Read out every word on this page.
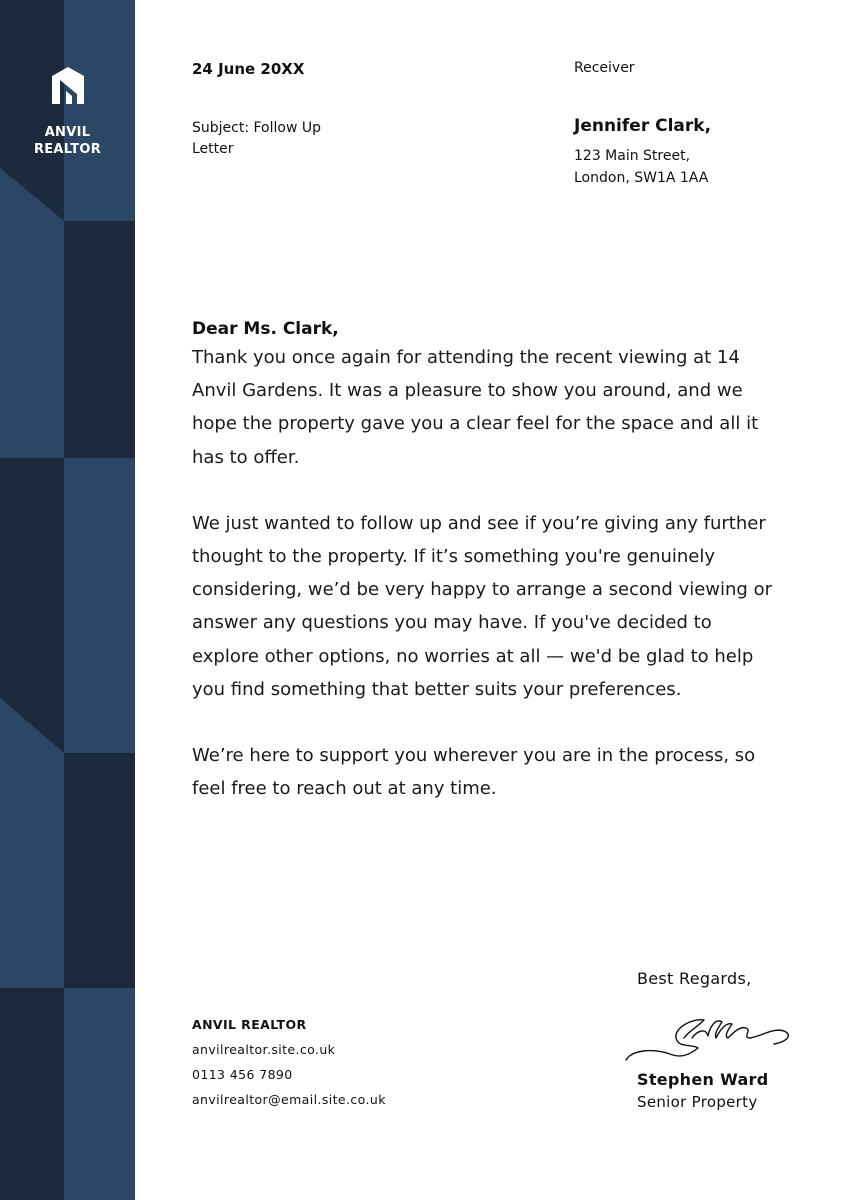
ANVIL
REALTOR
24 June 20XX
Subject: Follow Up Letter
Receiver
Jennifer Clark,
123 Main Street,
London, SW1A 1AA
Dear Ms. Clark,

Thank you once again for attending the recent viewing at 14 Anvil Gardens. It was a pleasure to show you around, and we hope the property gave you a clear feel for the space and all it has to offer.

We just wanted to follow up and see if you’re giving any further thought to the property. If it’s something you're genuinely considering, we’d be very happy to arrange a second viewing or answer any questions you may have. If you've decided to explore other options, no worries at all — we'd be glad to help you find something that better suits your preferences.

We’re here to support you wherever you are in the process, so feel free to reach out at any time.

ANVIL REALTOR
anvilrealtor.site.co.uk
0113 456 7890
anvilrealtor@email.site.co.uk
Best Regards,
Stephen Ward
Senior Property
